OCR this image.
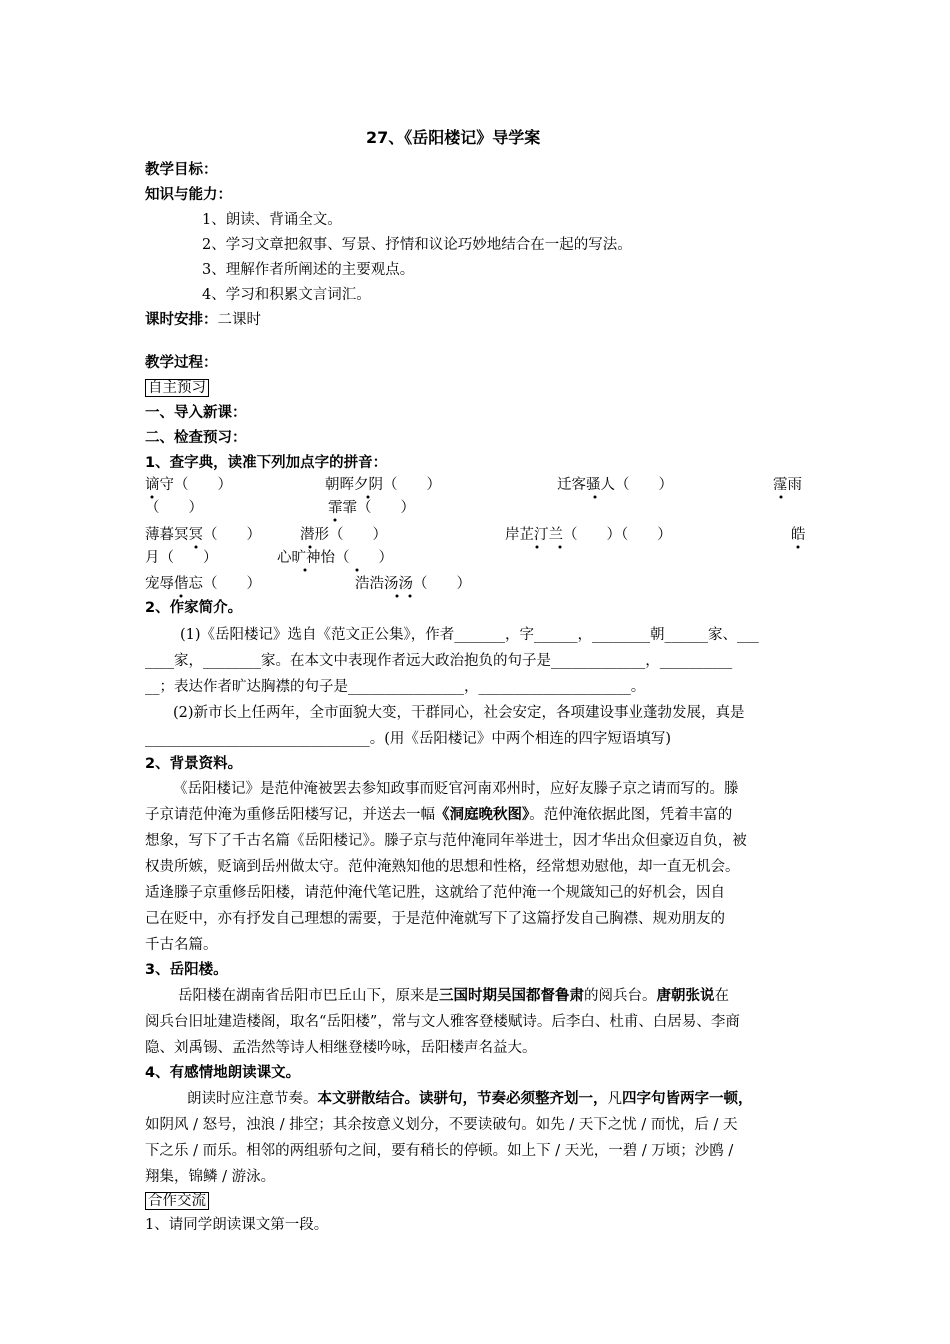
27、《岳阳楼记》导学案
教学目标：
知识与能力：
1、朗读、背诵全文。
2、学习文章把叙事、写景、抒情和议论巧妙地结合在一起的写法。
3、理解作者所阐述的主要观点。
4、学习和积累文言词汇。
课时安排：二课时
教学过程：
自主预习
一、导入新课：
二、检查预习：
1、查字典，读准下列加点字的拼音：
谪守（　　）	朝晖夕阴（　　）	迁客骚人（　　）	霪雨
（　　）	霏霏（　　）
薄暮冥冥（　　）	潜形（　　）	岸芷汀兰（　　）（　　）	皓
月（　　）	心旷神怡（　　）
宠辱偕忘（　　）	浩浩汤汤（　　）
2、作家简介。
(1)《岳阳楼记》选自《范文正公集》，作者_______，字______，________朝______家、___
____家，________家。在本文中表现作者远大政治抱负的句子是_____________，__________
__；表达作者旷达胸襟的句子是________________，_____________________。
(2)新市长上任两年，全市面貌大变，干群同心，社会安定，各项建设事业蓬勃发展，真是
_______________________________。(用《岳阳楼记》中两个相连的四字短语填写)
2、背景资料。
《岳阳楼记》是范仲淹被罢去参知政事而贬官河南邓州时，应好友滕子京之请而写的。滕
子京请范仲淹为重修岳阳楼写记，并送去一幅《洞庭晚秋图》。范仲淹依据此图，凭着丰富的
想象，写下了千古名篇《岳阳楼记》。滕子京与范仲淹同年举进士，因才华出众但豪迈自负，被
权贵所嫉，贬谪到岳州做太守。范仲淹熟知他的思想和性格，经常想劝慰他，却一直无机会。
适逢滕子京重修岳阳楼，请范仲淹代笔记胜，这就给了范仲淹一个规箴知己的好机会，因自
己在贬中，亦有抒发自己理想的需要，于是范仲淹就写下了这篇抒发自己胸襟、规劝朋友的
千古名篇。
3、岳阳楼。
岳阳楼在湖南省岳阳市巴丘山下，原来是三国时期吴国都督鲁肃的阅兵台。唐朝张说在
阅兵台旧址建造楼阁，取名“岳阳楼”，常与文人雅客登楼赋诗。后李白、杜甫、白居易、李商
隐、刘禹锡、孟浩然等诗人相继登楼吟咏，岳阳楼声名益大。
4、有感情地朗读课文。
朗读时应注意节奏。本文骈散结合。读骈句，节奏必须整齐划一，凡四字句皆两字一顿，
如阴风 / 怒号，浊浪 / 排空；其余按意义划分，不要读破句。如先 / 天下之忧 / 而忧，后 / 天
下之乐 / 而乐。相邻的两组骄句之间，要有稍长的停顿。如上下 / 天光，一碧 / 万顷；沙鸥 /
翔集，锦鳞 / 游泳。
合作交流
1、请同学朗读课文第一段。
